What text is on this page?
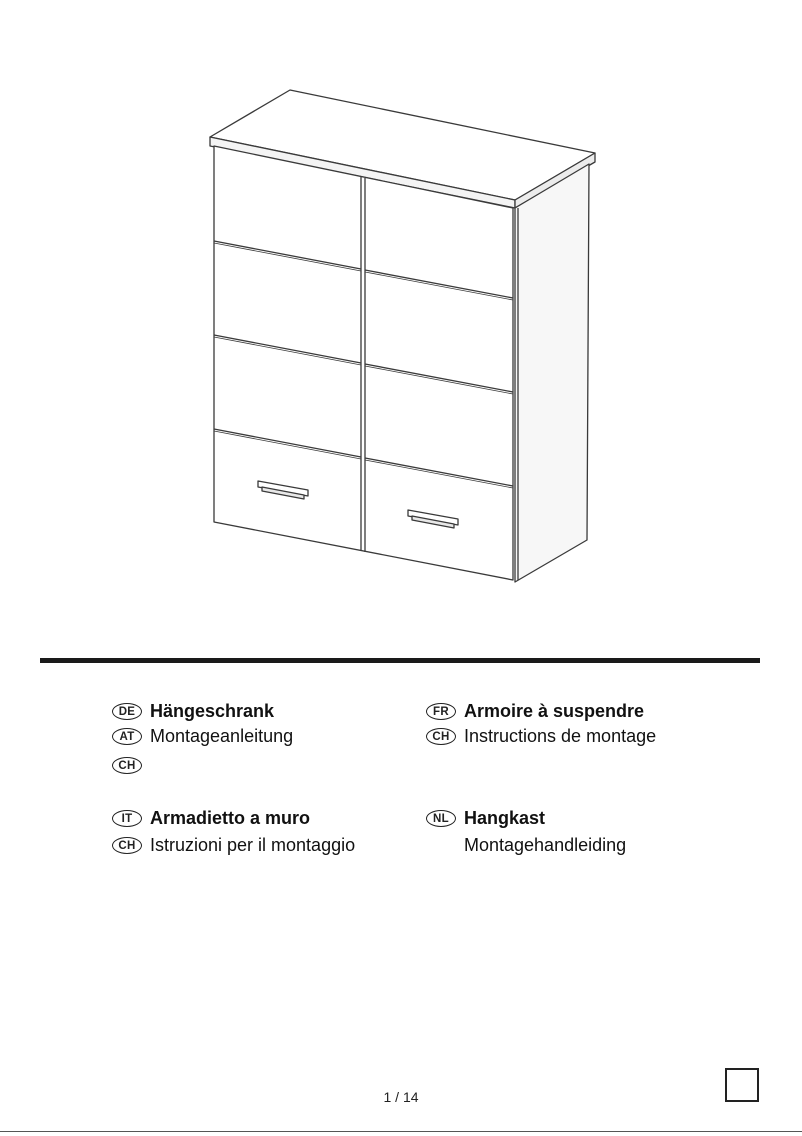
DE Hängeschrank
AT Montageanleitung
CH
FR Armoire à suspendre
CH Instructions de montage
IT Armadietto a muro
CH Istruzioni per il montaggio
NL Hangkast
Montagehandleiding
1 / 14
